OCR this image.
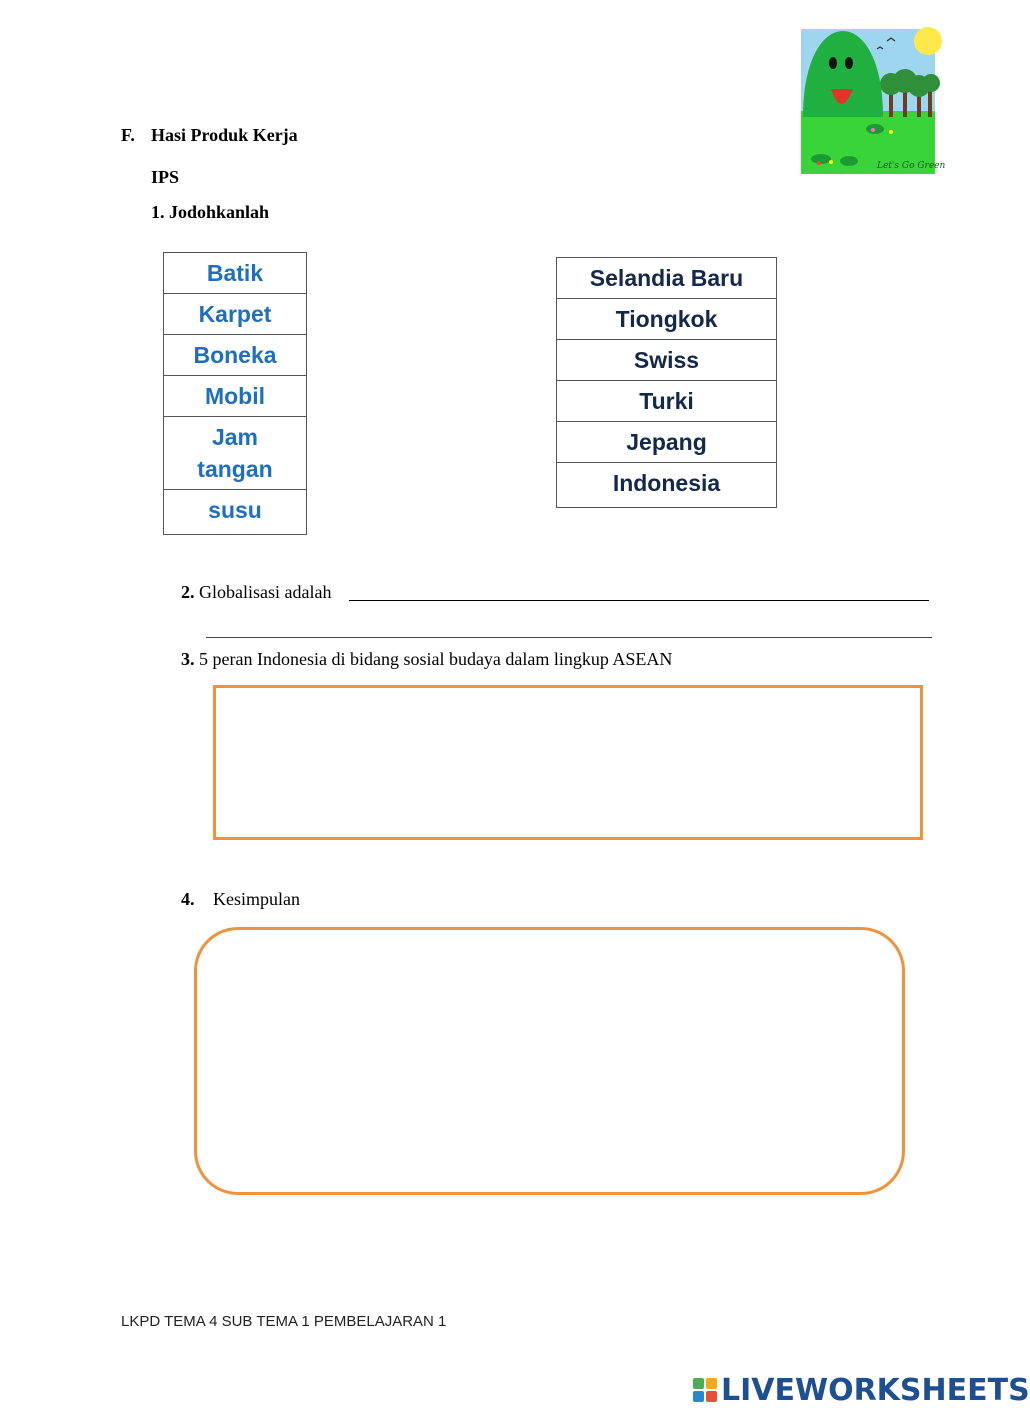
Let's Go Green
F. Hasi Produk Kerja
IPS
1. Jodohkanlah
Batik
Karpet
Boneka
Mobil
Jam tangan
susu
Selandia Baru
Tiongkok
Swiss
Turki
Jepang
Indonesia
2. Globalisasi adalah
3. 5 peran Indonesia di bidang sosial budaya dalam lingkup ASEAN
4. Kesimpulan
LKPD TEMA 4 SUB TEMA 1 PEMBELAJARAN 1
LIVEWORKSHEETS
